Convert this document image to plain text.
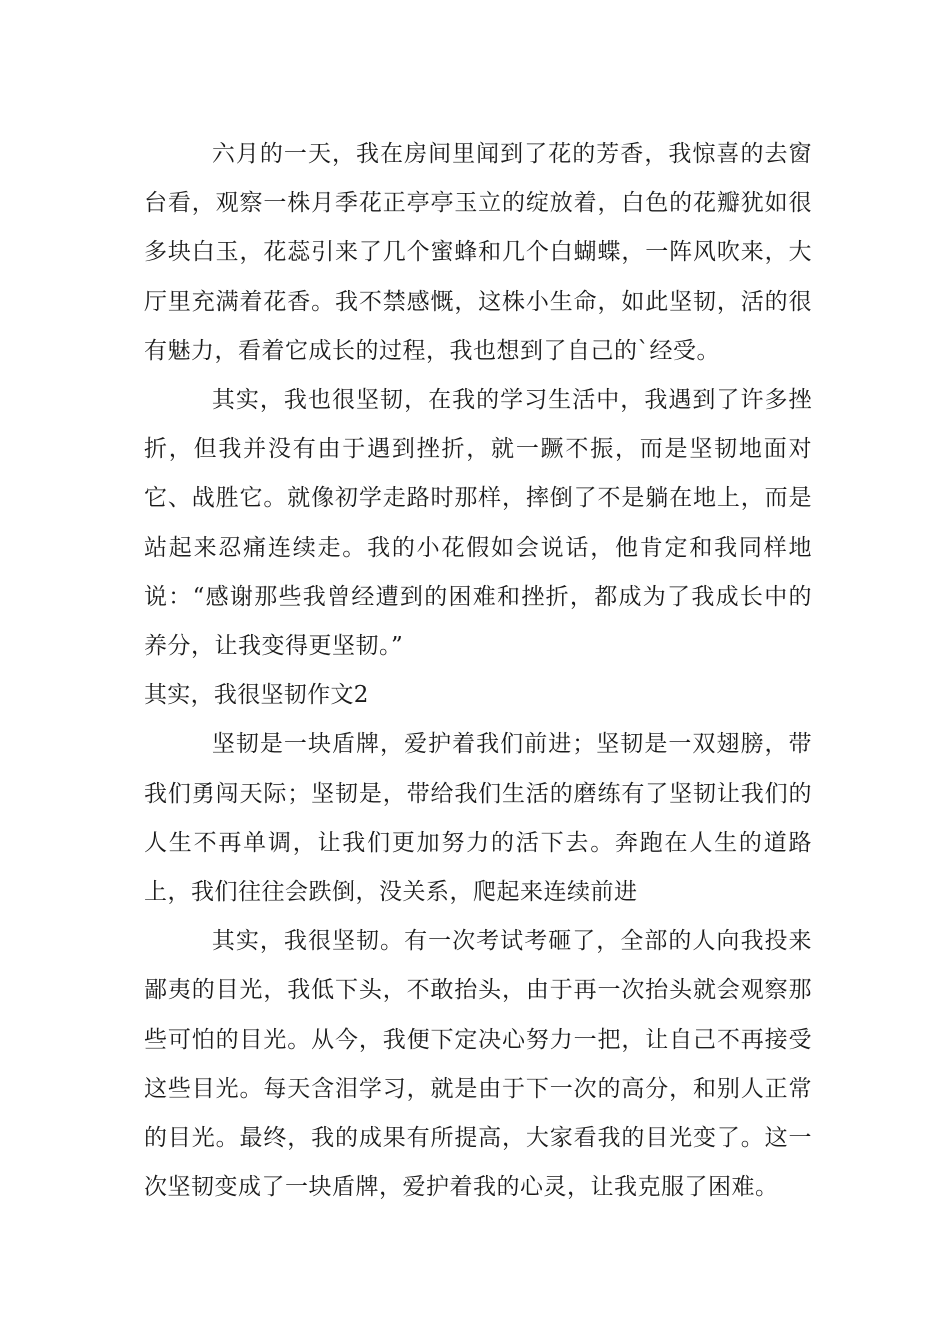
六月的一天，我在房间里闻到了花的芳香，我惊喜的去窗台看，观察一株月季花正亭亭玉立的绽放着，白色的花瓣犹如很多块白玉，花蕊引来了几个蜜蜂和几个白蝴蝶，一阵风吹来，大厅里充满着花香。我不禁感慨，这株小生命，如此坚韧，活的很有魅力，看着它成长的过程，我也想到了自己的`经受。

其实，我也很坚韧，在我的学习生活中，我遇到了许多挫折，但我并没有由于遇到挫折，就一蹶不振，而是坚韧地面对它、战胜它。就像初学走路时那样，摔倒了不是躺在地上，而是站起来忍痛连续走。我的小花假如会说话，他肯定和我同样地说：“感谢那些我曾经遭到的困难和挫折，都成为了我成长中的养分，让我变得更坚韧。”

其实，我很坚韧作文2

坚韧是一块盾牌，爱护着我们前进；坚韧是一双翅膀，带我们勇闯天际；坚韧是，带给我们生活的磨练有了坚韧让我们的人生不再单调，让我们更加努力的活下去。奔跑在人生的道路上，我们往往会跌倒，没关系，爬起来连续前进

其实，我很坚韧。有一次考试考砸了，全部的人向我投来鄙夷的目光，我低下头，不敢抬头，由于再一次抬头就会观察那些可怕的目光。从今，我便下定决心努力一把，让自己不再接受这些目光。每天含泪学习，就是由于下一次的高分，和别人正常的目光。最终，我的成果有所提高，大家看我的目光变了。这一次坚韧变成了一块盾牌，爱护着我的心灵，让我克服了困难。
